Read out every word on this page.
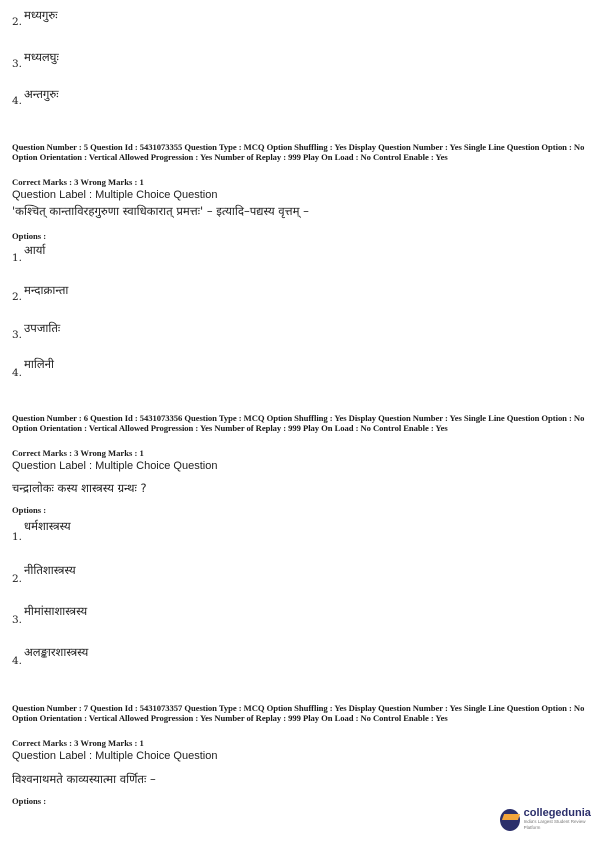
2. मध्यगुरुः
3. मध्यलघुः
4. अन्तगुरुः
Question Number : 5 Question Id : 5431073355 Question Type : MCQ Option Shuffling : Yes Display Question Number : Yes Single Line Question Option : No Option Orientation : Vertical Allowed Progression : Yes Number of Replay : 999 Play On Load : No Control Enable : Yes
Correct Marks : 3 Wrong Marks : 1
Question Label : Multiple Choice Question
'कश्चित् कान्ताविरहगुरुणा स्वाधिकारात् प्रमत्तः' – इत्यादि–पद्यस्य वृत्तम् –
Options :
1.आर्या
2. मन्दाक्रान्ता
3. उपजातिः
4.मालिनी
Question Number : 6 Question Id : 5431073356 Question Type : MCQ Option Shuffling : Yes Display Question Number : Yes Single Line Question Option : No Option Orientation : Vertical Allowed Progression : Yes Number of Replay : 999 Play On Load : No Control Enable : Yes
Correct Marks : 3 Wrong Marks : 1
Question Label : Multiple Choice Question
चन्द्रालोकः कस्य शास्त्रस्य ग्रन्थः ?
Options :
1.धर्मशास्त्रस्य
2.नीतिशास्त्रस्य
3.मीमांसाशास्त्रस्य
4.अलङ्कारशास्त्रस्य
Question Number : 7 Question Id : 5431073357 Question Type : MCQ Option Shuffling : Yes Display Question Number : Yes Single Line Question Option : No Option Orientation : Vertical Allowed Progression : Yes Number of Replay : 999 Play On Load : No Control Enable : Yes
Correct Marks : 3 Wrong Marks : 1
Question Label : Multiple Choice Question
विश्वनाथमते काव्यस्यात्मा वर्णितः –
Options :
collegedunia
India's Largest Student Review Platform
